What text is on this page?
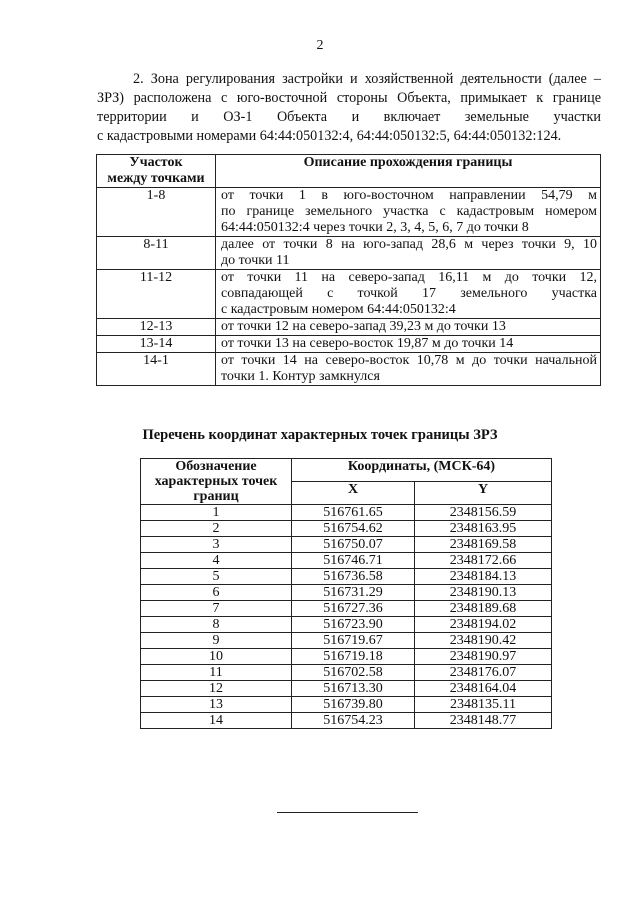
2
2. Зона регулирования застройки и хозяйственной деятельности (далее –
ЗРЗ) расположена с юго-восточной стороны Объекта, примыкает к границе
территории и ОЗ-1 Объекта и включает земельные участки
с кадастровыми номерами 64:44:050132:4, 64:44:050132:5, 64:44:050132:124.
Участок
между точками	Описание прохождения границы
1-8	от точки 1 в юго-восточном направлении 54,79 м
по границе земельного участка с кадастровым номером
64:44:050132:4 через точки 2, 3, 4, 5, 6, 7 до точки 8

8-11	далее от точки 8 на юго-запад 28,6 м через точки 9, 10
до точки 11

11-12	от точки 11 на северо-запад 16,11 м до точки 12,
совпадающей с точкой 17 земельного участка
с кадастровым номером 64:44:050132:4

12-13	от точки 12 на северо-запад 39,23 м до точки 13

13-14	от точки 13 на северо-восток 19,87 м до точки 14

14-1	от точки 14 на северо-восток 10,78 м до точки начальной
точки 1. Контур замкнулся
Перечень координат характерных точек границы ЗРЗ
Обозначение
характерных точек
границ	Координаты, (МСК-64)	
	X	Y
1	516761.65	2348156.59
2	516754.62	2348163.95
3	516750.07	2348169.58
4	516746.71	2348172.66
5	516736.58	2348184.13
6	516731.29	2348190.13
7	516727.36	2348189.68
8	516723.90	2348194.02
9	516719.67	2348190.42
10	516719.18	2348190.97
11	516702.58	2348176.07
12	516713.30	2348164.04
13	516739.80	2348135.11
14	516754.23	2348148.77
